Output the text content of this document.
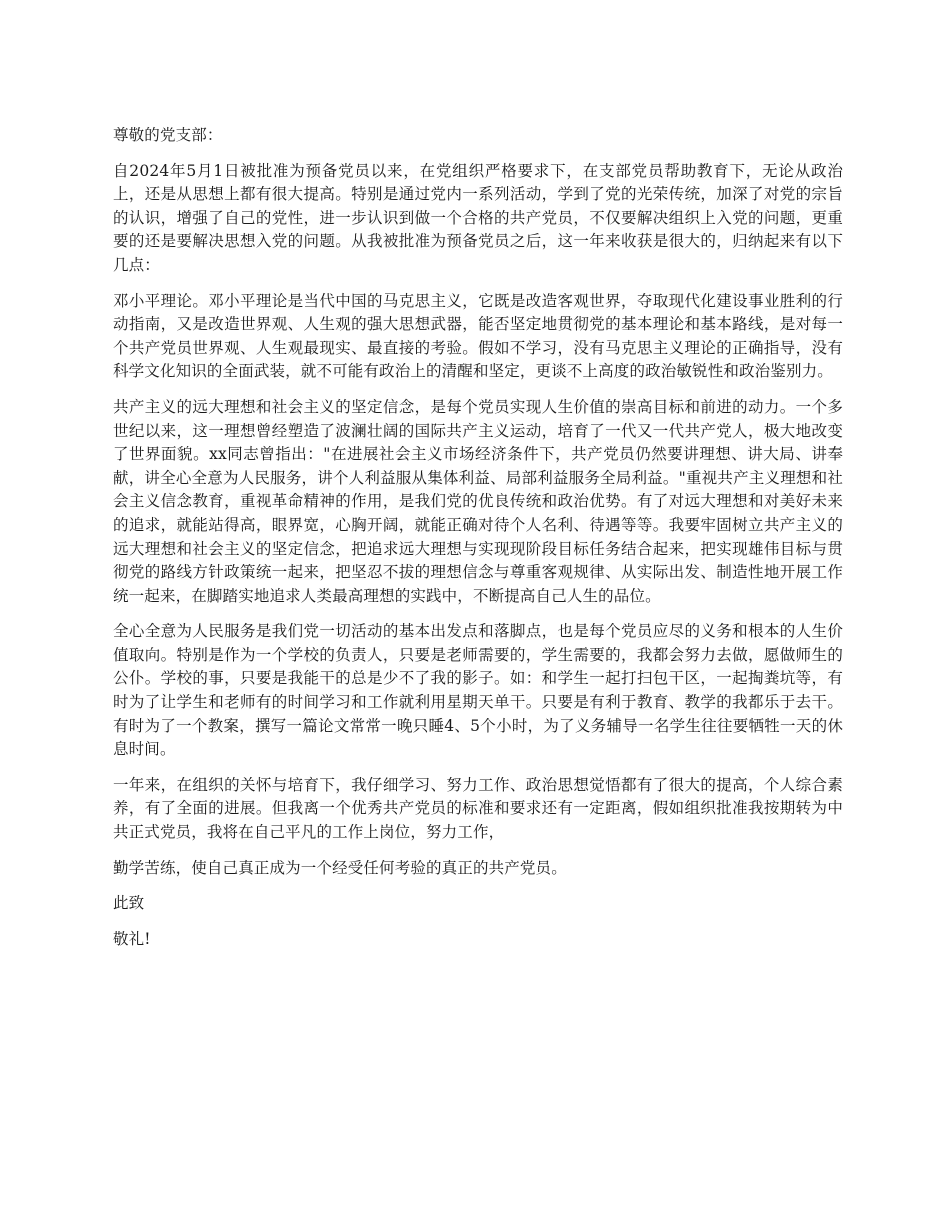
尊敬的党支部：

自2024年5月1日被批准为预备党员以来，在党组织严格要求下，在支部党员帮助教育下，无论从政治上，还是从思想上都有很大提高。特别是通过党内一系列活动，学到了党的光荣传统，加深了对党的宗旨的认识，增强了自己的党性，进一步认识到做一个合格的共产党员，不仅要解决组织上入党的问题，更重要的还是要解决思想入党的问题。从我被批准为预备党员之后，这一年来收获是很大的，归纳起来有以下几点：

邓小平理论。邓小平理论是当代中国的马克思主义，它既是改造客观世界，夺取现代化建设事业胜利的行动指南，又是改造世界观、人生观的强大思想武器，能否坚定地贯彻党的基本理论和基本路线，是对每一个共产党员世界观、人生观最现实、最直接的考验。假如不学习，没有马克思主义理论的正确指导，没有科学文化知识的全面武装，就不可能有政治上的清醒和坚定，更谈不上高度的政治敏锐性和政治鉴别力。

共产主义的远大理想和社会主义的坚定信念，是每个党员实现人生价值的崇高目标和前进的动力。一个多世纪以来，这一理想曾经塑造了波澜壮阔的国际共产主义运动，培育了一代又一代共产党人，极大地改变了世界面貌。xx同志曾指出："在进展社会主义市场经济条件下，共产党员仍然要讲理想、讲大局、讲奉献，讲全心全意为人民服务，讲个人利益服从集体利益、局部利益服务全局利益。"重视共产主义理想和社会主义信念教育，重视革命精神的作用，是我们党的优良传统和政治优势。有了对远大理想和对美好未来的追求，就能站得高，眼界宽，心胸开阔，就能正确对待个人名利、待遇等等。我要牢固树立共产主义的远大理想和社会主义的坚定信念，把追求远大理想与实现现阶段目标任务结合起来，把实现雄伟目标与贯彻党的路线方针政策统一起来，把坚忍不拔的理想信念与尊重客观规律、从实际出发、制造性地开展工作统一起来，在脚踏实地追求人类最高理想的实践中，不断提高自己人生的品位。

全心全意为人民服务是我们党一切活动的基本出发点和落脚点，也是每个党员应尽的义务和根本的人生价值取向。特别是作为一个学校的负责人，只要是老师需要的，学生需要的，我都会努力去做，愿做师生的公仆。学校的事，只要是我能干的总是少不了我的影子。如：和学生一起打扫包干区，一起掏粪坑等，有时为了让学生和老师有的时间学习和工作就利用星期天单干。只要是有利于教育、教学的我都乐于去干。有时为了一个教案，撰写一篇论文常常一晚只睡4、5个小时，为了义务辅导一名学生往往要牺牲一天的休息时间。

一年来，在组织的关怀与培育下，我仔细学习、努力工作、政治思想觉悟都有了很大的提高，个人综合素养，有了全面的进展。但我离一个优秀共产党员的标准和要求还有一定距离，假如组织批准我按期转为中共正式党员，我将在自己平凡的工作上岗位，努力工作，

勤学苦练，使自己真正成为一个经受任何考验的真正的共产党员。

此致

敬礼!
